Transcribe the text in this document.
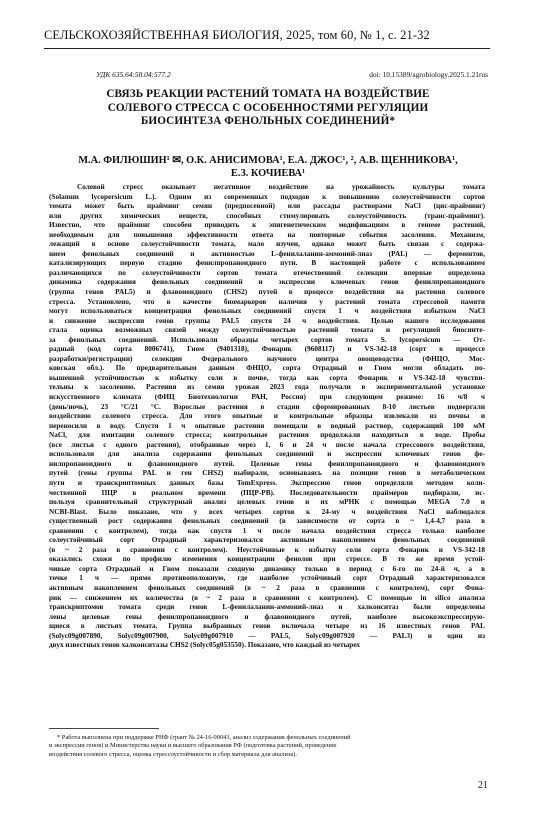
СЕЛЬСКОХОЗЯЙСТВЕННАЯ БИОЛОГИЯ, 2025, том 60, № 1, с. 21-32
УДК 635.64:58.04:577.2	doi: 10.15389/agrobiology.2025.1.21rus
СВЯЗЬ РЕАКЦИИ РАСТЕНИЙ ТОМАТА НА ВОЗДЕЙСТВИЕ
СОЛЕВОГО СТРЕССА С ОСОБЕННОСТЯМИ РЕГУЛЯЦИИ
БИОСИНТЕЗА ФЕНОЛЬНЫХ СОЕДИНЕНИЙ*
М.А. ФИЛЮШИН¹ ✉, О.К. АНИСИМОВА¹, Е.А. ДЖОС¹, ², А.В. ЩЕННИКОВА¹,
Е.З. КОЧИЕВА¹
Солевой стресс оказывает негативное воздействие на урожайность культуры томата
(Solanum lycopersicum L.). Одним из современных подходов к повышению солеустойчивости сортов
томата может быть прайминг семян (предпосевной) или рассады растворами NaCl (цис-прайминг)
или других химических веществ, способных стимулировать солеустойчивость (транс-прайминг).
Известно, что прайминг способен приводить к эпигенетическим модификациям в геноме растений,
необходимым для повышения эффективности ответа на повторные события засоления. Механизм,
лежащий в основе солеустойчивости томата, мало изучен, однако может быть связан с содержа-
нием фенольных соединений и активностью L-фенилаланин-аммоний-лиаз (PAL) — ферментов,
катализирующих первую стадию фенилпропаноидного пути. В настоящей работе с использованием
различающихся по солеустойчивости сортов томата отечественной селекции впервые определена
динамика содержания фенольных соединений и экспрессии ключевых генов фенилпропаноидного
(группа генов PAL5) и флавоноидного (CHS2) путей в процессе воздействия на растения солевого
стресса. Установлено, что в качестве биомаркеров наличия у растений томата стрессовой памяти
могут использоваться концентрация фенольных соединений спустя 1 ч воздействия избытком NaCl
и снижение экспрессии генов группы PAL5 спустя 24 ч воздействия. Целью нашего исследования
стала оценка возможных связей между солеустойчивостью растений томата и регуляцией биосинте-
за фенольных соединений. Использовали образцы четырех сортов томата S. lycopersicum — От-
радный (код сорта 8006741), Гном (9401318), Фонарик (9608117) и VS-342-18 (сорт в процессе
разработки/регистрации) селекции Федерального научного центра овощеводства (ФНЦО, Мос-
ковская обл.). По предварительным данным ФНЦО, сорта Отрадный и Гном могли обладать по-
вышенной устойчивостью к избытку соли в почве, тогда как сорта Фонарик и VS-342-18 чувстви-
тельны к засолению. Растения из семян урожая 2023 года получали в экспериментальной установке
искусственного климата (ФИЦ Биотехнологии РАН, Россия) при следующем режиме: 16 ч/8 ч
(день/ночь), 23 °С/21 °С. Взрослые растения в стадии сформированных 8-10 листьев подвергали
воздействию солевого стресса. Для этого опытные и контрольные образцы извлекали из почвы и
переносили в воду. Спустя 1 ч опытные растения помещали в водный раствор, содержащий 100 мМ
NaCl, для имитации солевого стресса; контрольные растения продолжали находиться в воде. Пробы
(все листья с одного растения), отобранные через 1, 6 и 24 ч после начала стрессового воздействия,
использовали для анализа содержания фенольных соединений и экспрессии ключевых генов фе-
нилпропаноидного и флавоноидного путей. Целевые гены фенилпропаноидного и флавоноидного
путей (гены группы PAL и ген CHS2) выбирали, основываясь на позиции генов в метаболическом
пути и транскриптомных данных базы TomExpress. Экспрессию генов определяли методом коли-
чественной ПЦР в реальном времени (ПЦР-РВ). Последовательности праймеров подбирали, ис-
пользуя сравнительный структурный анализ целевых генов и их мРНК с помощью MEGA 7.0 и
NCBI-Blast. Было показано, что у всех четырех сортов к 24-му ч воздействия NaCl наблюдался
существенный рост содержания фенольных соединений (в зависимости от сорта в ~ 1,4-4,7 раза в
сравнении с контролем), тогда как спустя 1 ч после начала воздействия стресса только наиболее
солеустойчивый сорт Отрадный характеризовался активным накоплением фенольных соединений
(в ~ 2 раза в сравнении с контролем). Неустойчивые к избытку соли сорта Фонарик и VS-342-18
оказались схожи по профилю изменения концентрации фенолов при стрессе. В то же время устой-
чивые сорта Отрадный и Гном показали сходную динамику только в период с 6-го по 24-й ч, а в
точке 1 ч — прямо противоположную, где наиболее устойчивый сорт Отрадный характеризовался
активным накоплением фенольных соединений (в ~ 2 раза в сравнении с контролем), сорт Фона-
рик — снижением их количества (в ~ 2 раза в сравнении с контролем). С помощью in silico анализа
транскриптомов томата среди генов L-фенилаланин-аммоний-лиаз и халконситаз были определены
лены целевые гены фенилпропаноидного и флавоноидного путей, наиболее высокоэкспрессирую-
щиеся в листьях томата. Группа выбранных генов включала четыре из 16 известных генов PAL
(Solyc09g007890, Solyc09g007900, Solyc09g007910 — PAL5, Solyc09g007920 — PAL3) и один из
двух известных генов халконситазы CHS2 (Solyc05g053550). Показано, что каждый из четырех
* Работа выполнена при поддержке РНФ (грант № 24-16-00043, анализ содержания фенольных соединений
и экспрессии генов) и Министерства науки и высшего образования РФ (подготовка растений, проведение
воздействия солевого стресса, оценка стрессоустойчивости и сбор материала для анализа).
21
